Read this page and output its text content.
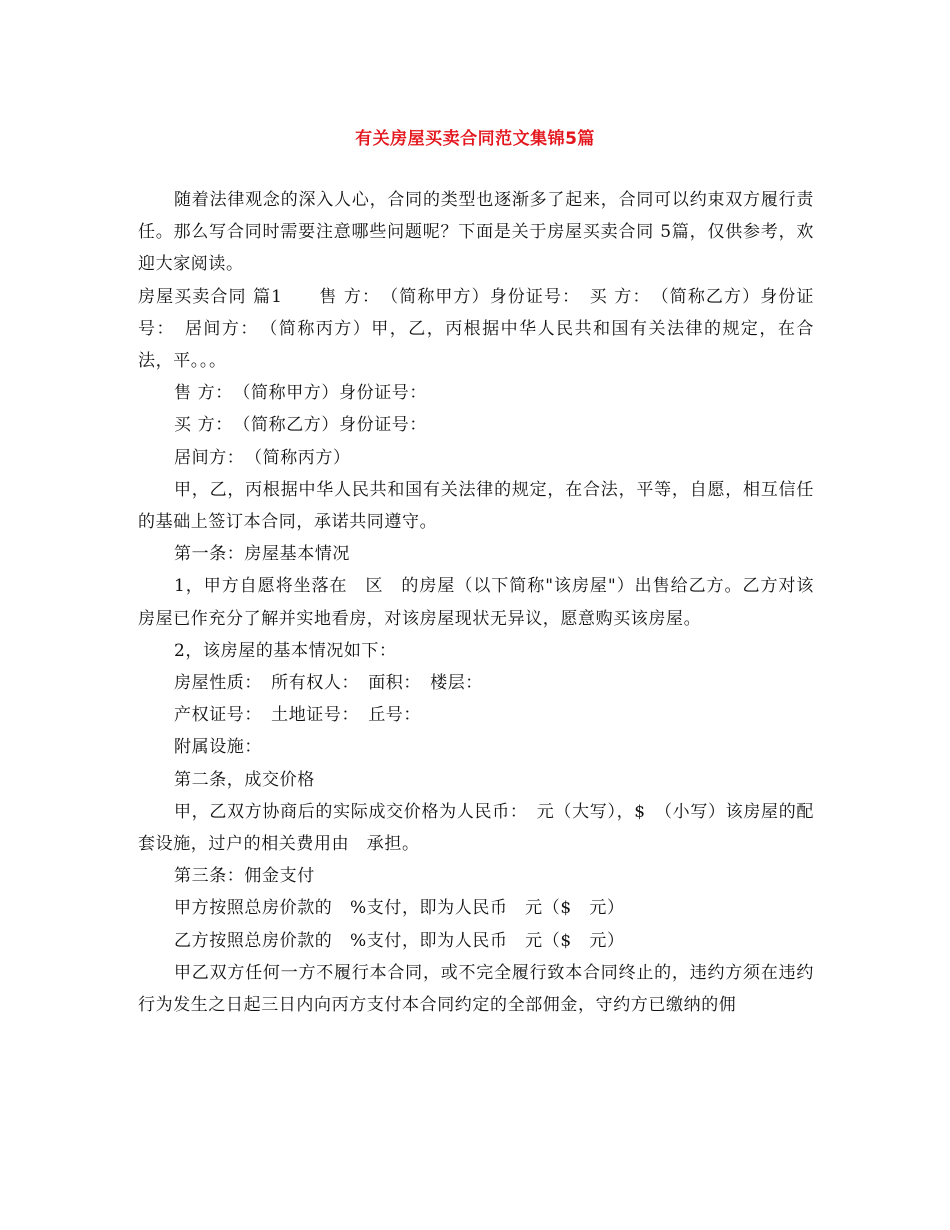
有关房屋买卖合同范文集锦5篇

随着法律观念的深入人心，合同的类型也逐渐多了起来，合同可以约束双方履行责任。那么写合同时需要注意哪些问题呢？下面是关于房屋买卖合同 5篇，仅供参考，欢迎大家阅读。

房屋买卖合同 篇1　　售 方：　（简称甲方）身份证号：　买 方：　（简称乙方）身份证号：　居间方：　（简称丙方）甲，乙，丙根据中华人民共和国有关法律的规定，在合法，平。。。

售 方：　（简称甲方）身份证号：

买 方：　（简称乙方）身份证号：

居间方：　（简称丙方）

甲，乙，丙根据中华人民共和国有关法律的规定，在合法，平等，自愿，相互信任的基础上签订本合同，承诺共同遵守。

第一条：房屋基本情况

1，甲方自愿将坐落在　区　的房屋（以下简称"该房屋"）出售给乙方。乙方对该房屋已作充分了解并实地看房，对该房屋现状无异议，愿意购买该房屋。

2，该房屋的基本情况如下：

房屋性质：　所有权人：　面积：　楼层：

产权证号：　土地证号：　丘号：

附属设施：

第二条，成交价格

甲，乙双方协商后的实际成交价格为人民币：　元（大写），$　（小写）该房屋的配套设施，过户的相关费用由　承担。

第三条：佣金支付

甲方按照总房价款的　%支付，即为人民币　元（$　元）

乙方按照总房价款的　%支付，即为人民币　元（$　元）

甲乙双方任何一方不履行本合同，或不完全履行致本合同终止的，违约方须在违约行为发生之日起三日内向丙方支付本合同约定的全部佣金，守约方已缴纳的佣
